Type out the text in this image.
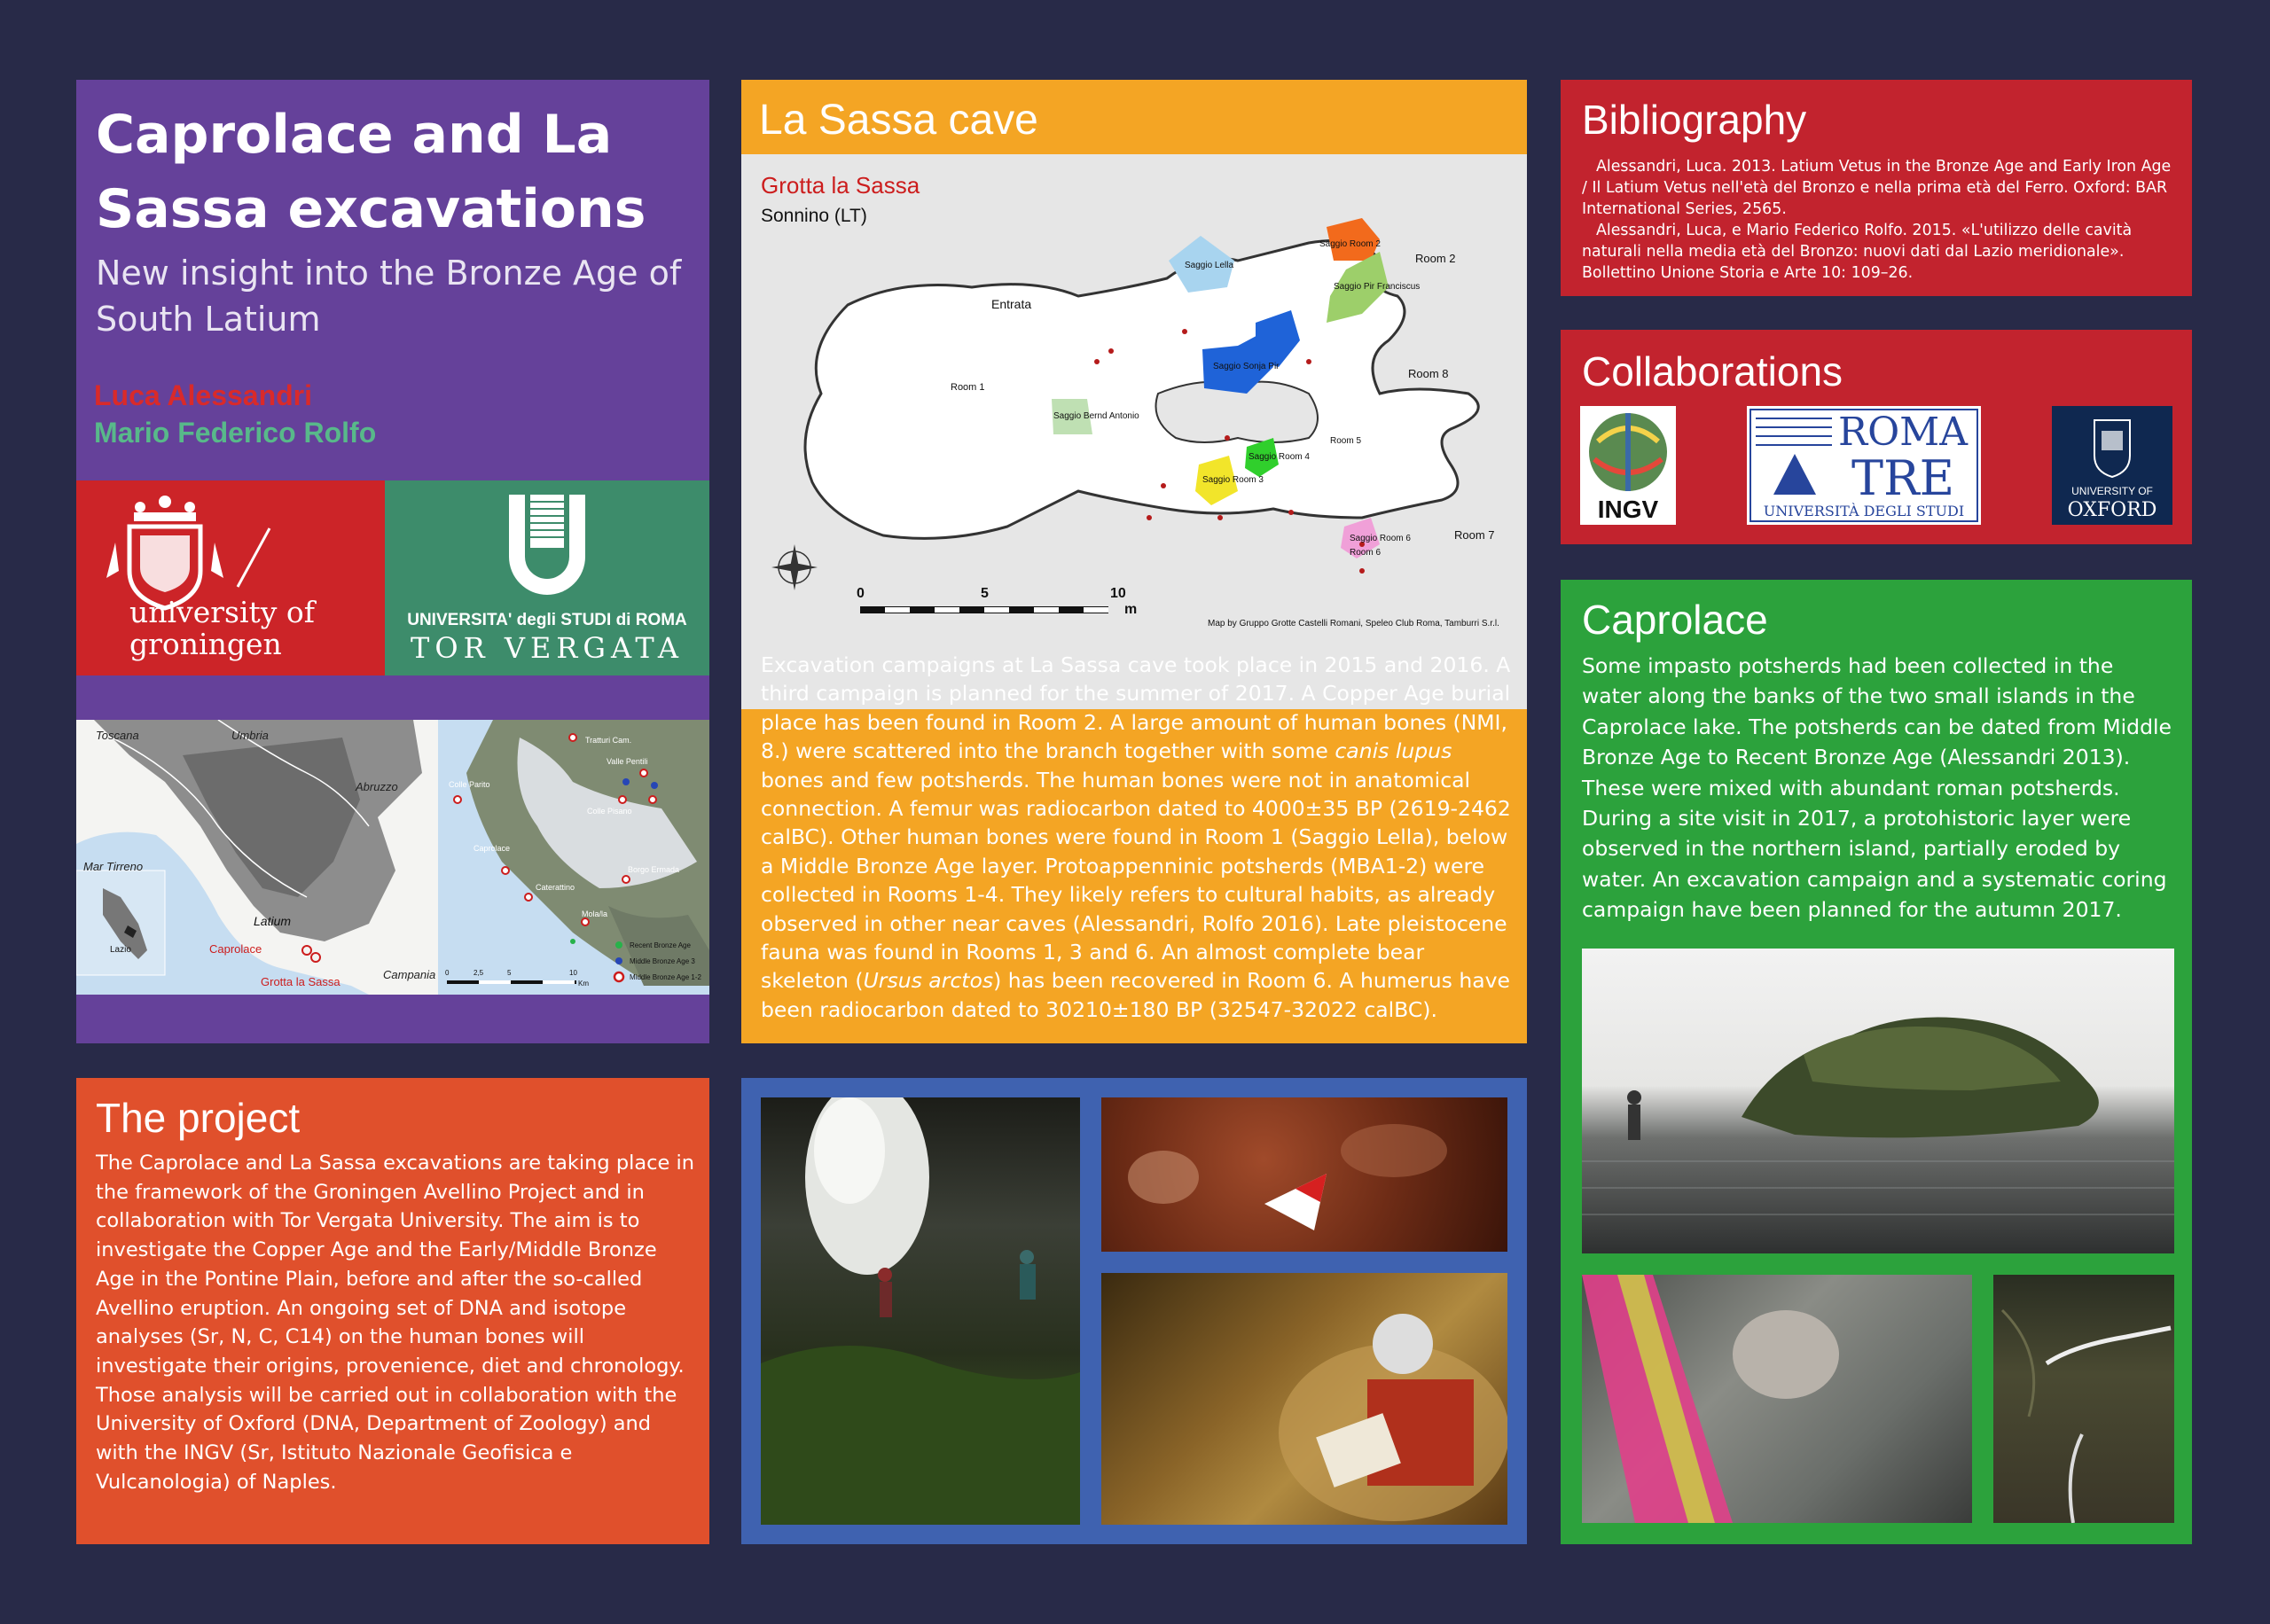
Caprolace and La Sassa excavations
New insight into the Bronze Age of South Latium
Luca Alessandri
Mario Federico Rolfo
university of
groningen
UNIVERSITA' degli STUDI di ROMA
TOR VERGATA
Toscana	Umbria
Abruzzo
Mar Tirreno
Latium
Lazio
Campania
Caprolace
Grotta la Sassa
Tratturi Cam.
Colle Parito
Valle Pentili
Colle Pisano
Caprolace
Caterattino
Mola/la
Borgo Ermada
Recent Bronze Age
Middle Bronze Age 3
Middle Bronze Age 1-2
0	2,5	5	10
Km
La Sassa cave
Grotta la Sassa
Sonnino (LT)
Saggio Room 2
Saggio Lella
Saggio Pir Franciscus
Saggio Sonja Pir
Saggio Bernd Antonio
Saggio Room 3
Saggio Room 4
Saggio Room 6
Room 1
Room 2
Room 5
Room 6
Room 7
Room 8
Entrata
0	5	10
m
Map by Gruppo Grotte Castelli Romani, Speleo Club Roma, Tamburri S.r.l.
Excavation campaigns at La Sassa cave took place in 2015 and 2016. A third campaign is planned for the summer of 2017. A Copper Age burial place has been found in Room 2. A large amount of human bones (NMI, 8.) were scattered into the branch together with some canis lupus bones and few potsherds. The human bones were not in anatomical connection. A femur was radiocarbon dated to 4000±35 BP (2619-2462 calBC). Other human bones were found in Room 1 (Saggio Lella), below a Middle Bronze Age layer. Protoappenninic potsherds (MBA1-2) were collected in Rooms 1-4. They likely refers to cultural habits, as already observed in other near caves (Alessandri, Rolfo 2016). Late pleistocene fauna was found in Rooms 1, 3 and 6. An almost complete bear skeleton (Ursus arctos) has been recovered in Room 6. A humerus have been radiocarbon dated to 30210±180 BP (32547-32022 calBC).
The project
The Caprolace and La Sassa excavations are taking place in the framework of the Groningen Avellino Project and in collaboration with Tor Vergata University. The aim is to investigate the Copper Age and the Early/Middle Bronze Age in the Pontine Plain, before and after the so-called Avellino eruption. An ongoing set of DNA and isotope analyses (Sr, N, C, C14) on the human bones will investigate their origins, provenience, diet and chronology. Those analysis will be carried out in collaboration with the University of Oxford (DNA, Department of Zoology) and with the INGV (Sr, Istituto Nazionale Geofisica e Vulcanologia) of Naples.
Bibliography
Alessandri, Luca. 2013. Latium Vetus in the Bronze Age and Early Iron Age / Il Latium Vetus nell'età del Bronzo e nella prima età del Ferro. Oxford: BAR International Series, 2565.
Alessandri, Luca, e Mario Federico Rolfo. 2015. «L'utilizzo delle cavità naturali nella media età del Bronzo: nuovi dati dal Lazio meridionale». Bollettino Unione Storia e Arte 10: 109–26.
Collaborations
INGV
ROMA
TRE
UNIVERSITÀ DEGLI STUDI
UNIVERSITY OF
OXFORD
Caprolace
Some impasto potsherds had been collected in the water along the banks of the two small islands in the Caprolace lake. The potsherds can be dated from Middle Bronze Age to Recent Bronze Age (Alessandri 2013). These were mixed with abundant roman potsherds. During a site visit in 2017, a protohistoric layer were observed in the northern island, partially eroded by water. An excavation campaign and a systematic coring campaign have been planned for the autumn 2017.
